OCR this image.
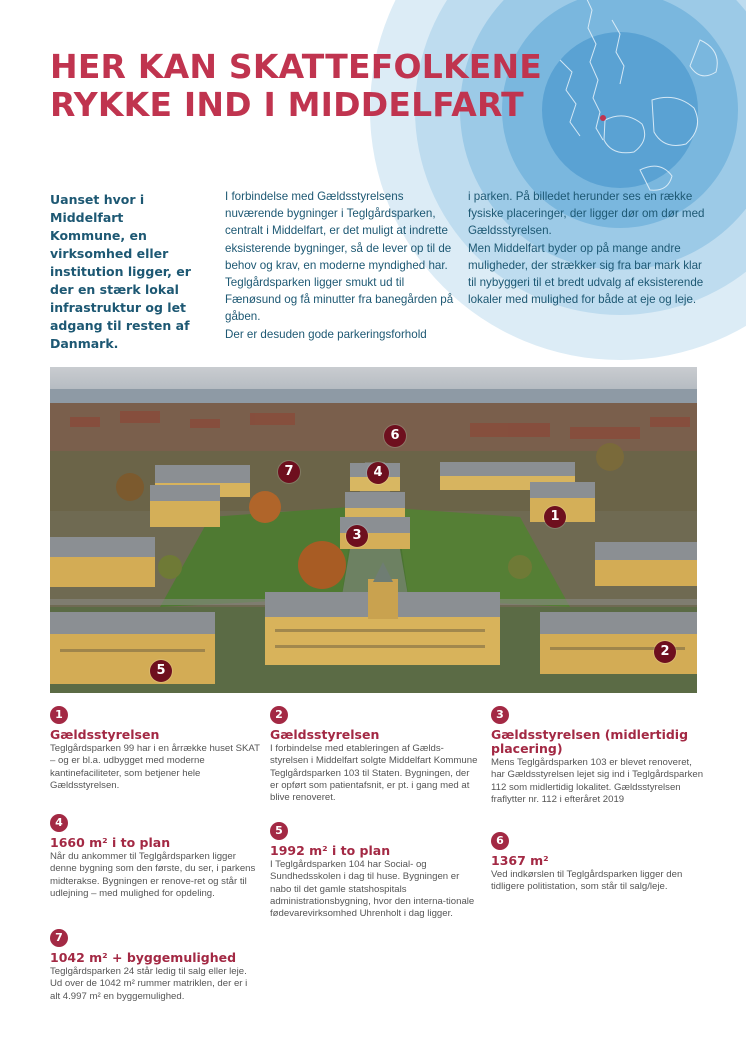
HER KAN SKATTEFOLKENE
RYKKE IND I MIDDELFART
Uanset hvor i Middelfart Kommune, en virksomhed eller institution ligger, er der en stærk lokal infrastruktur og let adgang til resten af Danmark.

I forbindelse med Gældsstyrelsens nuværende bygninger i Teglgårdsparken, centralt i Middelfart, er det muligt at indrette eksisterende bygninger, så de lever op til de behov og krav, en moderne myndighed har. Teglgårdsparken ligger smukt ud til Fænøsund og få minutter fra banegården på gåben.

Der er desuden gode parkeringsforhold

i parken. På billedet herunder ses en række fysiske placeringer, der ligger dør om dør med Gældsstyrelsen.

Men Middelfart byder op på mange andre muligheder, der strækker sig fra bar mark klar til nybyggeri til et bredt udvalg af eksisterende lokaler med mulighed for både at eje og leje.

1
2
3
4
5
6
7
1
Gældsstyrelsen

Teglgårdsparken 99 har i en årrække huset SKAT – og er bl.a. udbygget med moderne kantinefaciliteter, som betjener hele Gældsstyrelsen.

2
Gældsstyrelsen

I forbindelse med etableringen af Gælds-styrelsen i Middelfart solgte Middelfart Kommune Teglgårdsparken 103 til Staten. Bygningen, der er opført som patientafsnit, er pt. i gang med at blive renoveret.

3
Gældsstyrelsen (midlertidig placering)

Mens Teglgårdsparken 103 er blevet renoveret, har Gældsstyrelsen lejet sig ind i Teglgårdsparken 112 som midlertidig lokalitet. Gældsstyrelsen fraflytter nr. 112 i efteråret 2019

4
1660 m² i to plan

Når du ankommer til Teglgårdsparken ligger denne bygning som den første, du ser, i parkens midterakse. Bygningen er renove-ret og står til udlejning – med mulighed for opdeling.

5
1992 m² i to plan

I Teglgårdsparken 104 har Social- og Sundhedsskolen i dag til huse. Bygningen er nabo til det gamle statshospitals administrationsbygning, hvor den interna-tionale fødevarevirksomhed Uhrenholt i dag ligger.

6
1367 m²

Ved indkørslen til Teglgårdsparken ligger den tidligere politistation, som står til salg/leje.

7
1042 m² + byggemulighed

Teglgårdsparken 24 står ledig til salg eller leje. Ud over de 1042 m² rummer matriklen, der er i alt 4.997 m² en byggemulighed.
